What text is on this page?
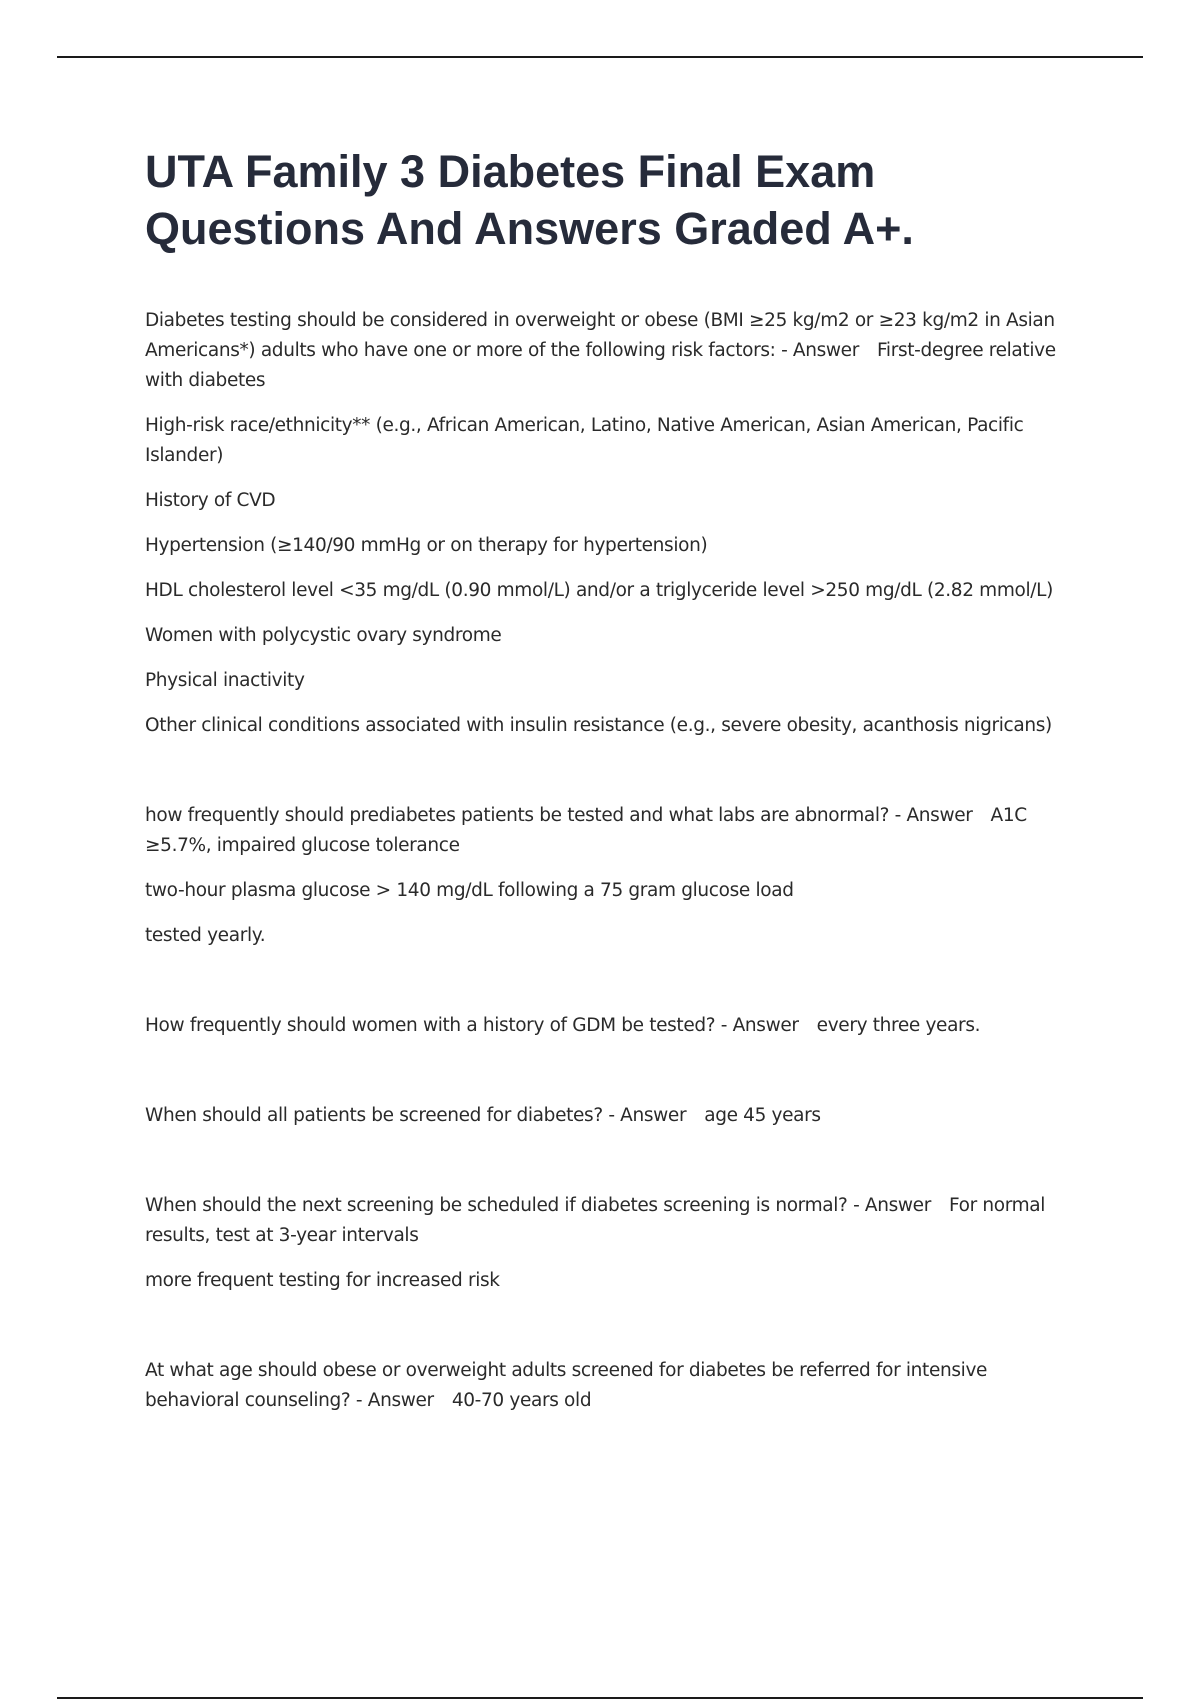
UTA Family 3 Diabetes Final Exam Questions And Answers Graded A+.

Diabetes testing should be considered in overweight or obese (BMI ≥25 kg/m2 or ≥23 kg/m2 in Asian Americans*) adults who have one or more of the following risk factors: - Answer First-degree relative with diabetes

High-risk race/ethnicity** (e.g., African American, Latino, Native American, Asian American, Pacific Islander)

History of CVD

Hypertension (≥140/90 mmHg or on therapy for hypertension)

HDL cholesterol level <35 mg/dL (0.90 mmol/L) and/or a triglyceride level >250 mg/dL (2.82 mmol/L)

Women with polycystic ovary syndrome

Physical inactivity

Other clinical conditions associated with insulin resistance (e.g., severe obesity, acanthosis nigricans)

how frequently should prediabetes patients be tested and what labs are abnormal? - Answer A1C ≥5.7%, impaired glucose tolerance

two-hour plasma glucose > 140 mg/dL following a 75 gram glucose load

tested yearly.

How frequently should women with a history of GDM be tested? - Answer every three years.

When should all patients be screened for diabetes? - Answer age 45 years

When should the next screening be scheduled if diabetes screening is normal? - Answer For normal results, test at 3-year intervals

more frequent testing for increased risk

At what age should obese or overweight adults screened for diabetes be referred for intensive behavioral counseling? - Answer 40-70 years old
